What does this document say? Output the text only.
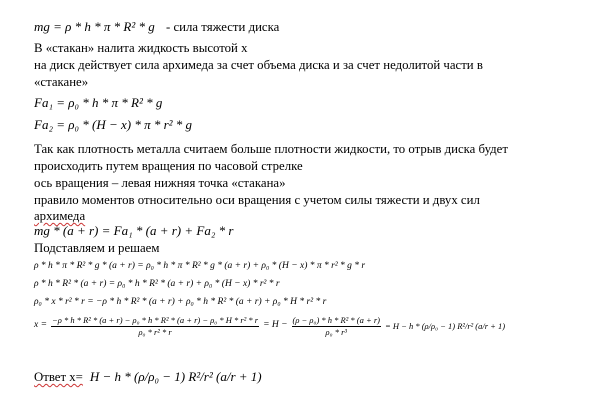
mg = ρ * h * π * R² * g - сила тяжести диска
В «стакан» налита жидкость высотой x
на диск действует сила архимеда за счет объема диска и за счет недолитой части в
«стакане»
Fa₁ = ρ₀ * h * π * R² * g
Fa₂ = ρ₀ * (H − x) * π * r² * g
Так как плотность металла считаем больше плотности жидкости, то отрыв диска будет
происходить путем вращения по часовой стрелке
ось вращения – левая нижняя точка «стакана»
правило моментов относительно оси вращения с учетом силы тяжести и двух сил
архимеда
mg * (a + r) = Fa₁ * (a + r) + Fa₂ * r
Подставляем и решаем
ρ * h * π * R² * g * (a + r) = ρ₀ * h * π * R² * g * (a + r) + ρ₀ * (H − x) * π * r² * g * r
ρ * h * R² * (a + r) = ρ₀ * h * R² * (a + r) + ρ₀ * (H − x) * r² * r
ρ₀ * x * r² * r = −ρ * h * R² * (a + r) + ρ₀ * h * R² * (a + r) + ρ₀ * H * r² * r
x =
−ρ * h * R² * (a + r) − ρ₀ * h * R² * (a + r) − ρ₀ * H * r² * r
ρ₀ * r² * r
= $H - \frac{\text{(ρ − ρ₀) * h * R² * (a + r)}}{\text{ρ₀ * r³}} = H - h * (\rho/\rho_0 - 1)$ R²/r² (a/r + 1)
Ответ x= H − h * (ρ/ρ₀ − 1) R²/r² (a/r + 1)
